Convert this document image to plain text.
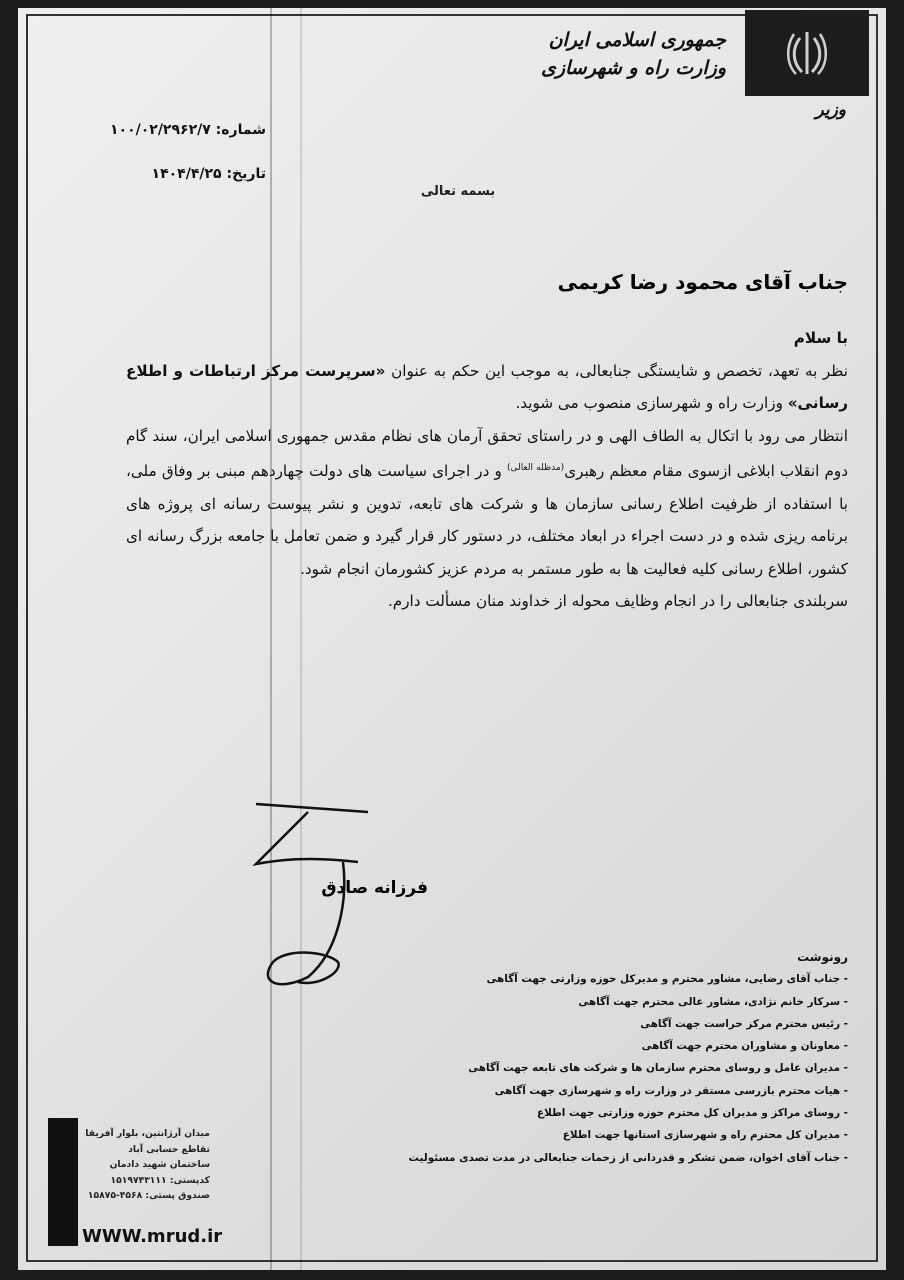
جمهوری اسلامی ایران
وزارت راه و شهرسازی
وزیر
شماره: ۱۰۰/۰۲/۲۹۶۲/۷
تاریخ: ۱۴۰۴/۴/۲۵
بسمه تعالی
جناب آقای محمود رضا کریمی

با سلام

نظر به تعهد، تخصص و شایستگی جنابعالی، به موجب این حکم به عنوان «سرپرست مرکز ارتباطات و اطلاع رسانی» وزارت راه و شهرسازی منصوب می شوید.

انتظار می رود با اتکال به الطاف الهی و در راستای تحقق آرمان های نظام مقدس جمهوری اسلامی ایران، سند گام دوم انقلاب ابلاغی ازسوی مقام معظم رهبری$^{(مدظله العالی)}$ و در اجرای سیاست های دولت چهاردهم مبنی بر وفاق ملی، با استفاده از ظرفیت اطلاع رسانی سازمان ها و شرکت های تابعه، تدوین و نشر پیوست رسانه ای پروژه های برنامه ریزی شده و در دست اجراء در ابعاد مختلف، در دستور کار قرار گیرد و ضمن تعامل با جامعه بزرگ رسانه ای کشور، اطلاع رسانی کلیه فعالیت ها به طور مستمر به مردم عزیز کشورمان انجام شود.

سربلندی جنابعالی را در انجام وظایف محوله از خداوند منان مسألت دارم.

فرزانه صادق
رونوشت
- جناب آقای رضایی، مشاور محترم و مدیرکل حوزه وزارتی جهت آگاهی
- سرکار خانم نژادی، مشاور عالی محترم جهت آگاهی
- رئیس محترم مرکز حراست جهت آگاهی
- معاونان و مشاوران محترم جهت آگاهی
- مدیران عامل و روسای محترم سازمان ها و شرکت های تابعه جهت آگاهی
- هیات محترم بازرسی مستقر در وزارت راه و شهرسازی جهت آگاهی
- روسای مراکز و مدیران کل محترم حوزه وزارتی جهت اطلاع
- مدیران کل محترم راه و شهرسازی استانها جهت اطلاع
- جناب آقای اخوان، ضمن تشکر و قدردانی از زحمات جنابعالی در مدت تصدی مسئولیت
میدان آرژانتین، بلوار آفریقا
تقاطع حسابی آباد
ساختمان شهید دادمان
کدپستی: ۱۵۱۹۷۴۳۱۱۱
صندوق پستی: ۴۵۶۸-۱۵۸۷۵
WWW.mrud.ir
